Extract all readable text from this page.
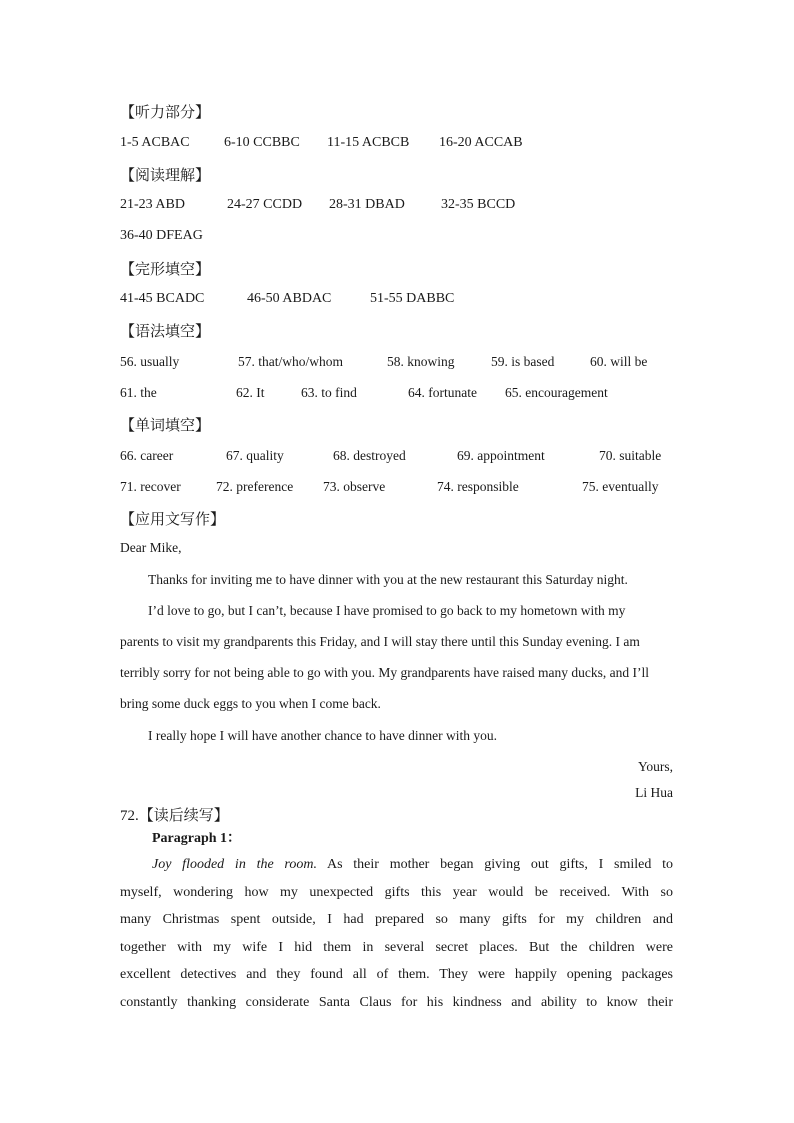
【听力部分】
1-5 ACBAC 6-10 CCBBC 11-15 ACBCB 16-20 ACCAB
【阅读理解】
21-23 ABD	24-27 CCDD 28-31 DBAD	32-35 BCCD
36-40 DFEAG
【完形填空】
41-45 BCADC	46-50 ABDAC	51-55 DABBC
【语法填空】
56. usually	57. that/who/whom	58. knowing	59. is based	60. will be
61. the	62. It	63. to find	64. fortunate 65. encouragement
【单词填空】
66. career	67. quality	68. destroyed	69. appointment	70. suitable
71. recover	72. preference 73. observe	74. responsible	75. eventually
【应用文写作】
Dear Mike,
Thanks for inviting me to have dinner with you at the new restaurant this Saturday night.
I’d love to go, but I can’t, because I have promised to go back to my hometown with my
parents to visit my grandparents this Friday, and I will stay there until this Sunday evening. I am
terribly sorry for not being able to go with you. My grandparents have raised many ducks, and I’ll
bring some duck eggs to you when I come back.
I really hope I will have another chance to have dinner with you.
Yours,
Li Hua
72.【读后续写】
Paragraph 1：

Joy flooded in the room. As their mother began giving out gifts, I smiled to

myself, wondering how my unexpected gifts this year would be received. With so

many Christmas spent outside, I had prepared so many gifts for my children and

together with my wife I hid them in several secret places. But the children were

excellent detectives and they found all of them. They were happily opening packages

constantly thanking considerate Santa Claus for his kindness and ability to know their
